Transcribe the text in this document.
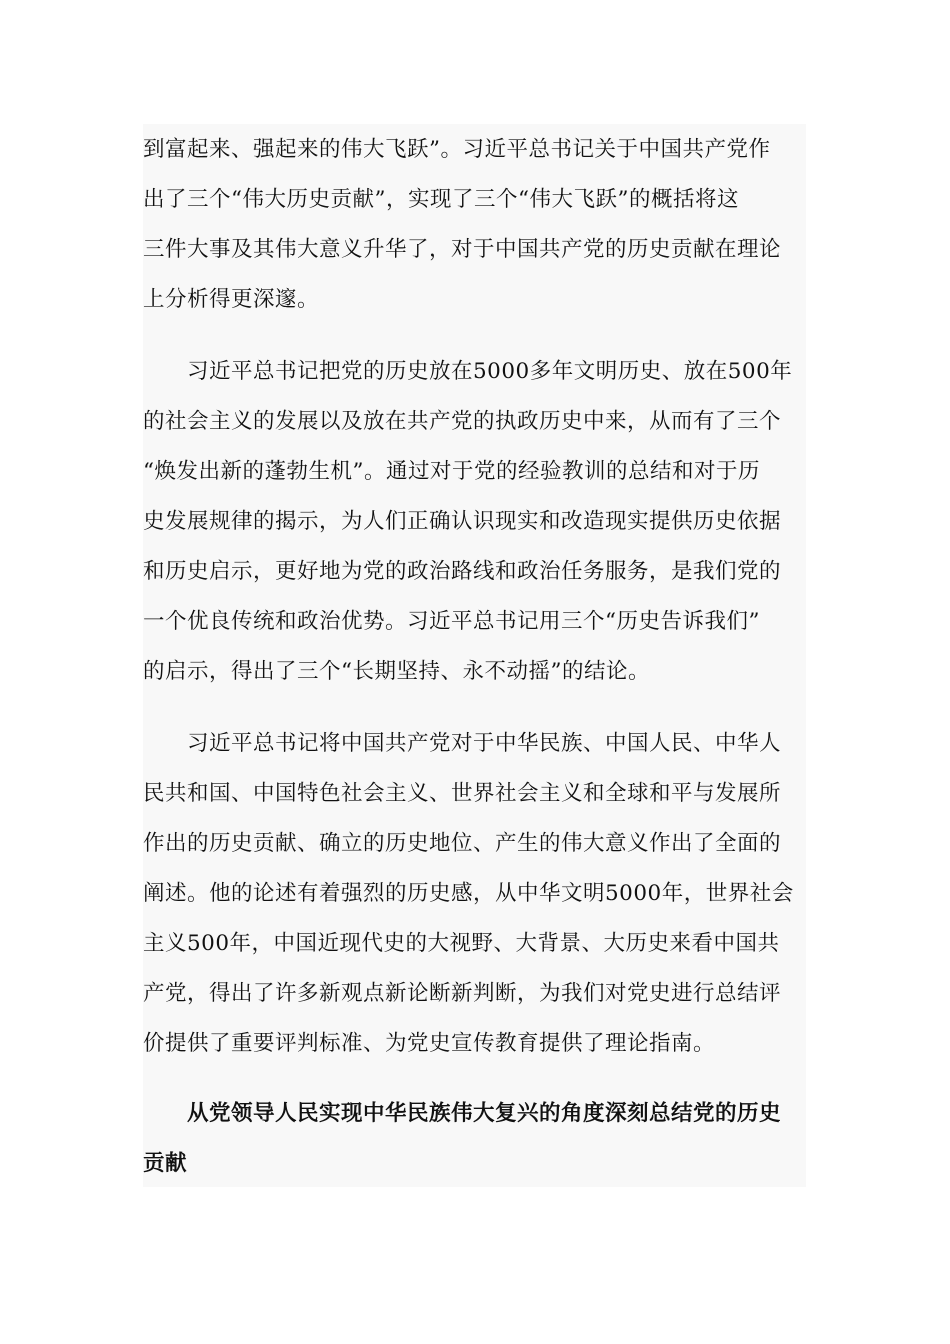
到富起来、强起来的伟大飞跃”。习近平总书记关于中国共产党作
出了三个“伟大历史贡献”，实现了三个“伟大飞跃”的概括将这
三件大事及其伟大意义升华了，对于中国共产党的历史贡献在理论
上分析得更深邃。
习近平总书记把党的历史放在5000多年文明历史、放在500年
的社会主义的发展以及放在共产党的执政历史中来，从而有了三个
“焕发出新的蓬勃生机”。通过对于党的经验教训的总结和对于历
史发展规律的揭示，为人们正确认识现实和改造现实提供历史依据
和历史启示，更好地为党的政治路线和政治任务服务，是我们党的
一个优良传统和政治优势。习近平总书记用三个“历史告诉我们”
的启示，得出了三个“长期坚持、永不动摇”的结论。
习近平总书记将中国共产党对于中华民族、中国人民、中华人
民共和国、中国特色社会主义、世界社会主义和全球和平与发展所
作出的历史贡献、确立的历史地位、产生的伟大意义作出了全面的
阐述。他的论述有着强烈的历史感，从中华文明5000年，世界社会
主义500年，中国近现代史的大视野、大背景、大历史来看中国共
产党，得出了许多新观点新论断新判断，为我们对党史进行总结评
价提供了重要评判标准、为党史宣传教育提供了理论指南。
从党领导人民实现中华民族伟大复兴的角度深刻总结党的历史
贡献
